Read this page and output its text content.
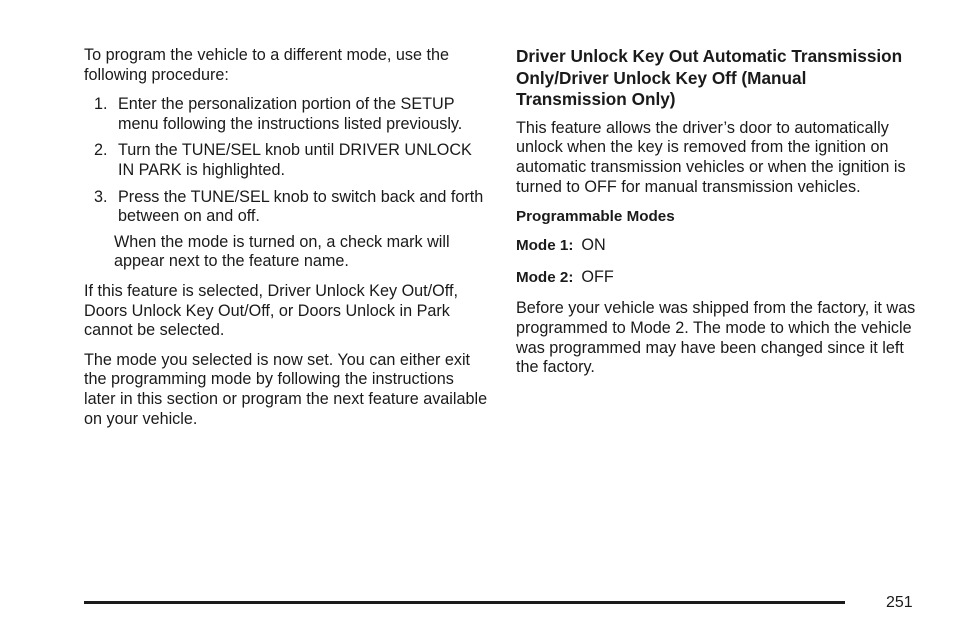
To program the vehicle to a different mode, use the following procedure:

1. Enter the personalization portion of the SETUP menu following the instructions listed previously.
2. Turn the TUNE/SEL knob until DRIVER UNLOCK IN PARK is highlighted.
3. Press the TUNE/SEL knob to switch back and forth between on and off.

When the mode is turned on, a check mark will appear next to the feature name.

If this feature is selected, Driver Unlock Key Out/Off, Doors Unlock Key Out/Off, or Doors Unlock in Park cannot be selected.

The mode you selected is now set. You can either exit the programming mode by following the instructions later in this section or program the next feature available on your vehicle.

Driver Unlock Key Out Automatic Transmission Only/Driver Unlock Key Off (Manual Transmission Only)

This feature allows the driver’s door to automatically unlock when the key is removed from the ignition on automatic transmission vehicles or when the ignition is turned to OFF for manual transmission vehicles.

Programmable Modes

Mode 1: ON

Mode 2: OFF

Before your vehicle was shipped from the factory, it was programmed to Mode 2. The mode to which the vehicle was programmed may have been changed since it left the factory.

251
